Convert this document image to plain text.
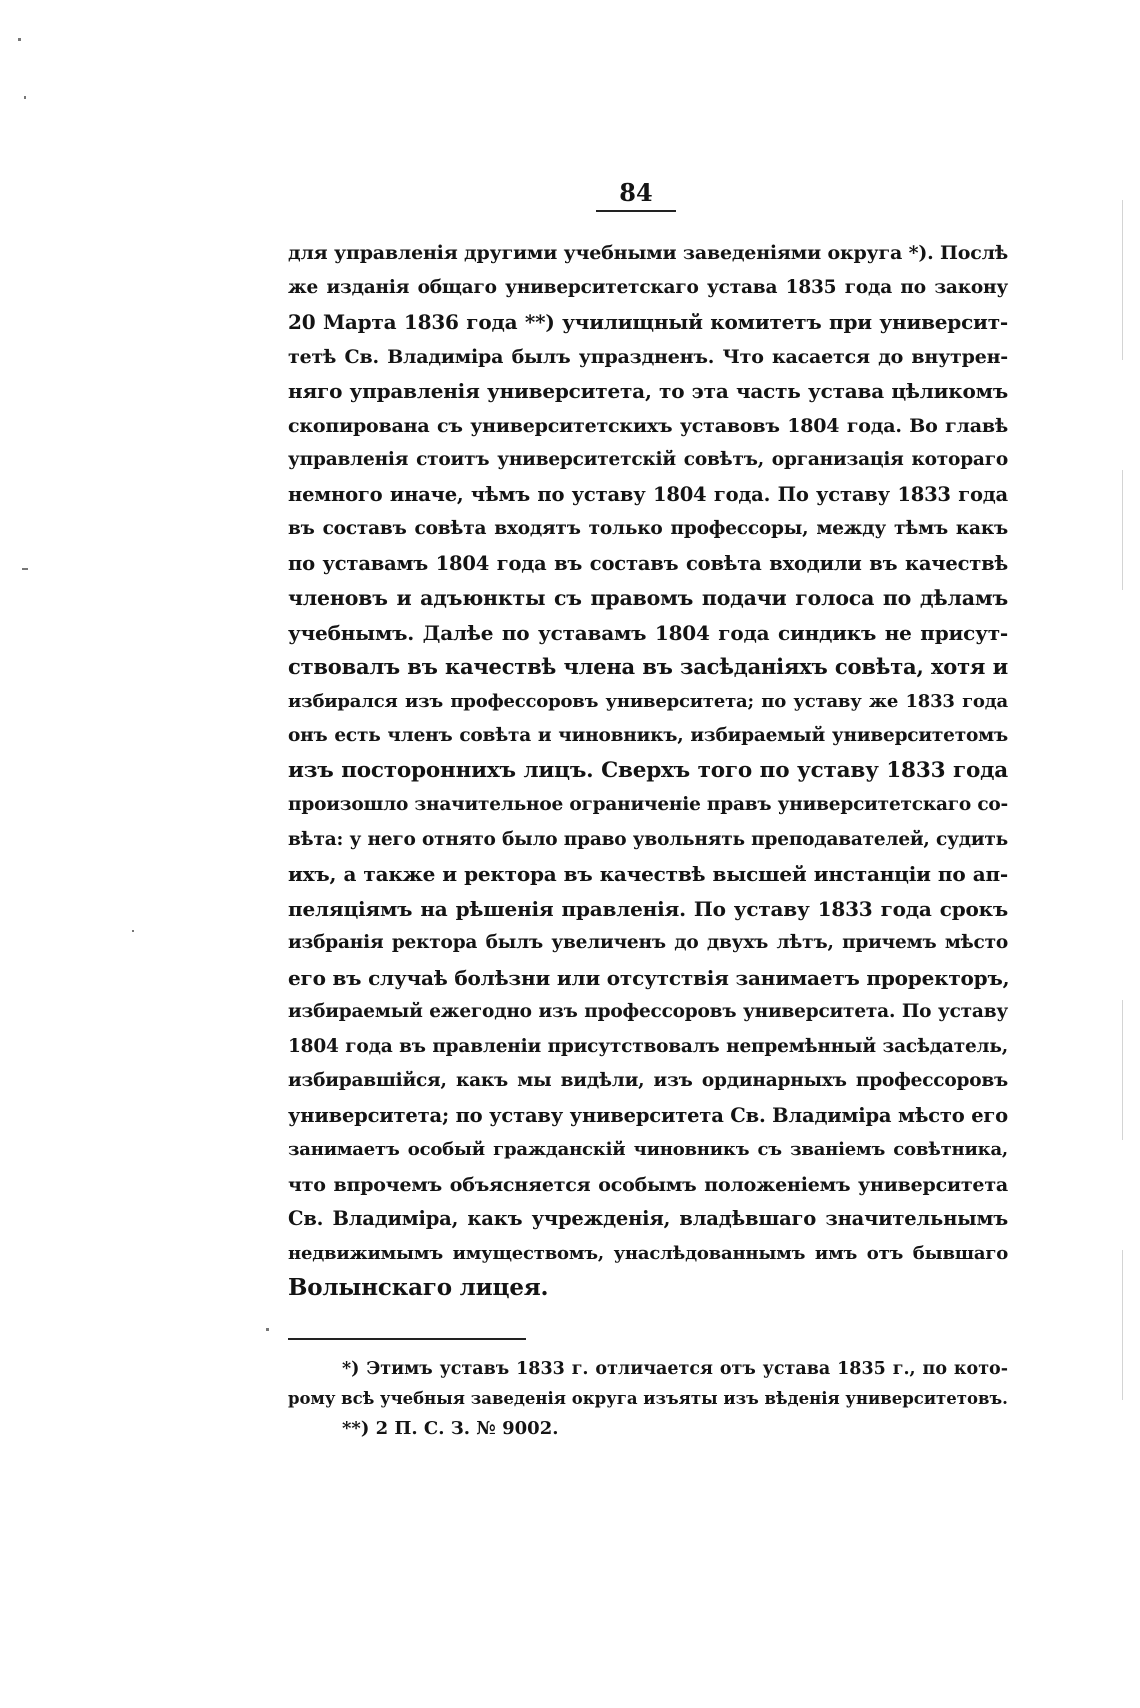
84
для управленія другими учебными заведеніями округа *). Послѣ
же изданія общаго университетскаго устава 1835 года по закону
20 Марта 1836 года **) училищный комитетъ при университ-
тетѣ Св. Владиміра былъ упраздненъ. Что касается до внутрен-
няго управленія университета, то эта часть устава цѣликомъ
скопирована съ университетскихъ уставовъ 1804 года. Во главѣ
управленія стоитъ университетскій совѣтъ, организація котораго
немного иначе, чѣмъ по уставу 1804 года. По уставу 1833 года
въ составъ совѣта входятъ только профессоры, между тѣмъ какъ
по уставамъ 1804 года въ составъ совѣта входили въ качествѣ
членовъ и адъюнкты съ правомъ подачи голоса по дѣламъ
учебнымъ. Далѣе по уставамъ 1804 года синдикъ не присут-
ствовалъ въ качествѣ члена въ засѣданіяхъ совѣта, хотя и
избирался изъ профессоровъ университета; по уставу же 1833 года
онъ есть членъ совѣта и чиновникъ, избираемый университетомъ
изъ постороннихъ лицъ. Сверхъ того по уставу 1833 года
произошло значительное ограниченіе правъ университетскаго со-
вѣта: у него отнято было право увольнять преподавателей, судить
ихъ, а также и ректора въ качествѣ высшей инстанціи по ап-
пеляціямъ на рѣшенія правленія. По уставу 1833 года срокъ
избранія ректора былъ увеличенъ до двухъ лѣтъ, причемъ мѣсто
его въ случаѣ болѣзни или отсутствія занимаетъ проректоръ,
избираемый ежегодно изъ профессоровъ университета. По уставу
1804 года въ правленіи присутствовалъ непремѣнный засѣдатель,
избиравшійся, какъ мы видѣли, изъ ординарныхъ профессоровъ
университета; по уставу университета Св. Владиміра мѣсто его
занимаетъ особый гражданскій чиновникъ съ званіемъ совѣтника,
что впрочемъ объясняется особымъ положеніемъ университета
Св. Владиміра, какъ учрежденія, владѣвшаго значительнымъ
недвижимымъ имуществомъ, унаслѣдованнымъ имъ отъ бывшаго
Волынскаго лицея.
*) Этимъ уставъ 1833 г. отличается отъ устава 1835 г., по кото-
рому всѣ учебныя заведенія округа изъяты изъ вѣденія университетовъ.
**) 2 П. С. З. № 9002.
